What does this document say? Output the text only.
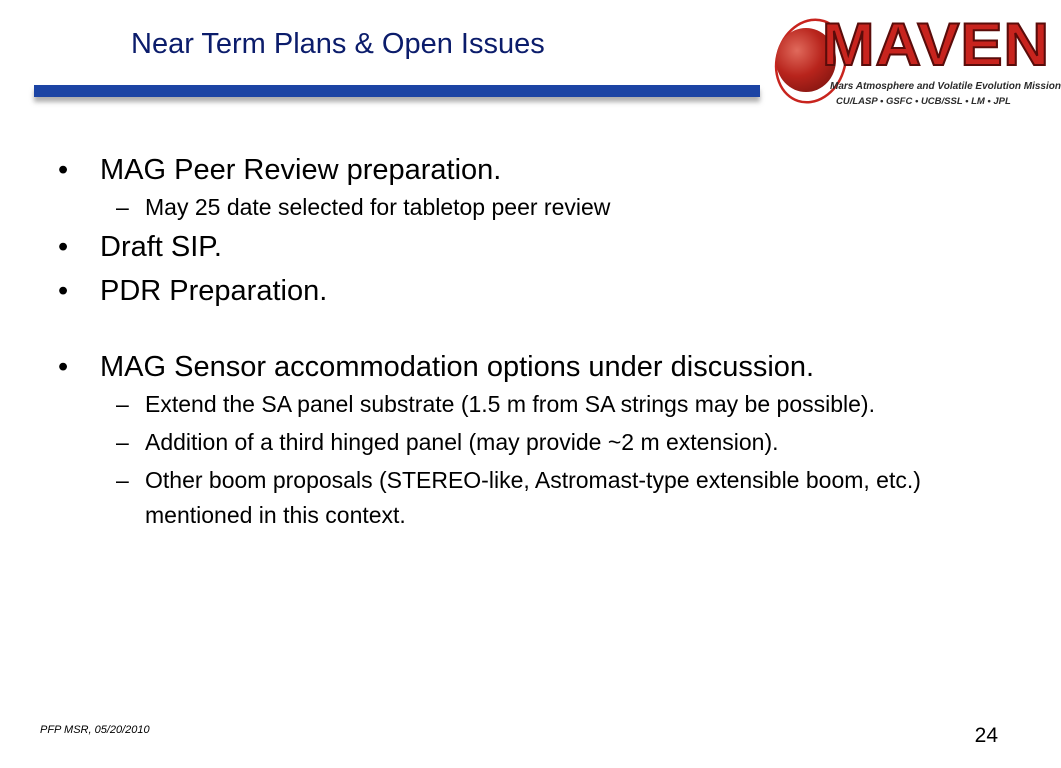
Near Term Plans & Open Issues	MAVEN
Mars Atmosphere and Volatile Evolution Mission
CU/LASP • GSFC • UCB/SSL • LM • JPL
• MAG Peer Review preparation.
– May 25 date selected for tabletop peer review
• Draft SIP.
• PDR Preparation.
• MAG Sensor accommodation options under discussion.
– Extend the SA panel substrate (1.5 m from SA strings may be possible).
– Addition of a third hinged panel (may provide ~2 m extension).
– Other boom proposals (STEREO-like, Astromast-type extensible boom, etc.) mentioned in this context.
PFP MSR, 05/20/2010	24
